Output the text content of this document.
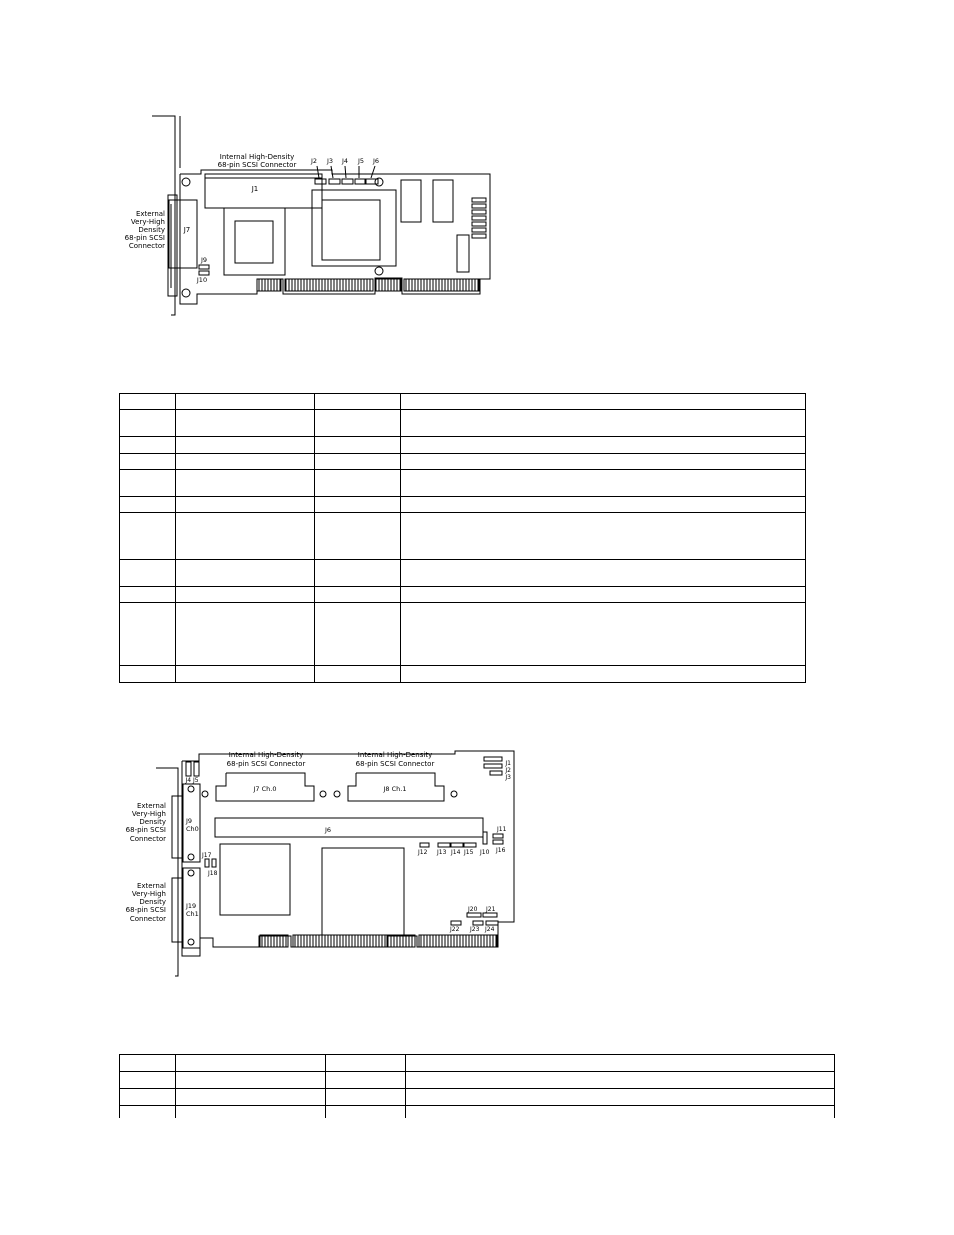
Internal High-Density
68-pin SCSI Connector J2 J3 J4 J5 J6
J1
J7
J9
J10
External
Very-High
Density
68-pin SCSI
Connector

Internal High-Density
68-pin SCSI Connector
Internal High-Density
68-pin SCSI Connector
J7 Ch.0	J8 Ch.1
J6
J4 J5
J1
J2
J3
J9
Ch0
J19
Ch1
J11
J12 J13 J14 J15 J10 J16
J17
J18
J20 J21
J22 J23 J24
External
Very-High
Density
68-pin SCSI
Connector
External
Very-High
Density
68-pin SCSI
Connector
